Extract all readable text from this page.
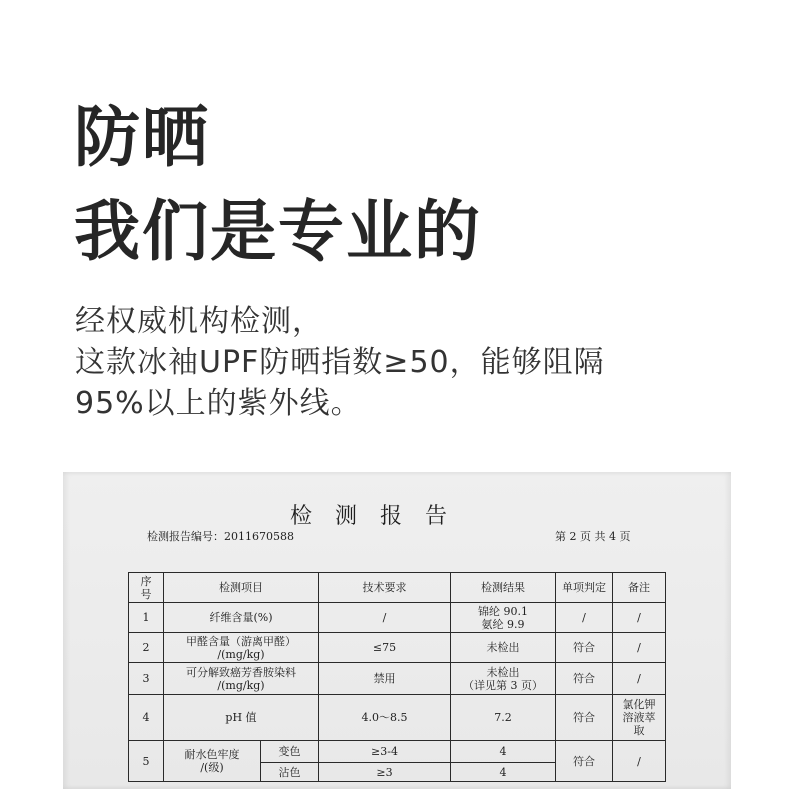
防晒
我们是专业的
经权威机构检测，
这款冰袖UPF防晒指数≥50，能够阻隔
95%以上的紫外线。
检 测 报 告
检测报告编号：2011670588	第 2 页 共 4 页
序
号	检测项目		技术要求	检测结果	单项判定	备注
1	纤维含量(%)		/	锦纶 90.1
氨纶 9.9	/	/
2	甲醛含量（游离甲醛）
/(mg/kg)		≤75	未检出	符合	/
3	可分解致癌芳香胺染料
/(mg/kg)		禁用	未检出
（详见第 3 页）	符合	/
4	pH 值		4.0～8.5	7.2	符合	氯化钾
溶液萃
取
5	耐水色牢度
/(级)	变色	≥3-4	4	符合	/
		沾色	≥3	4		
